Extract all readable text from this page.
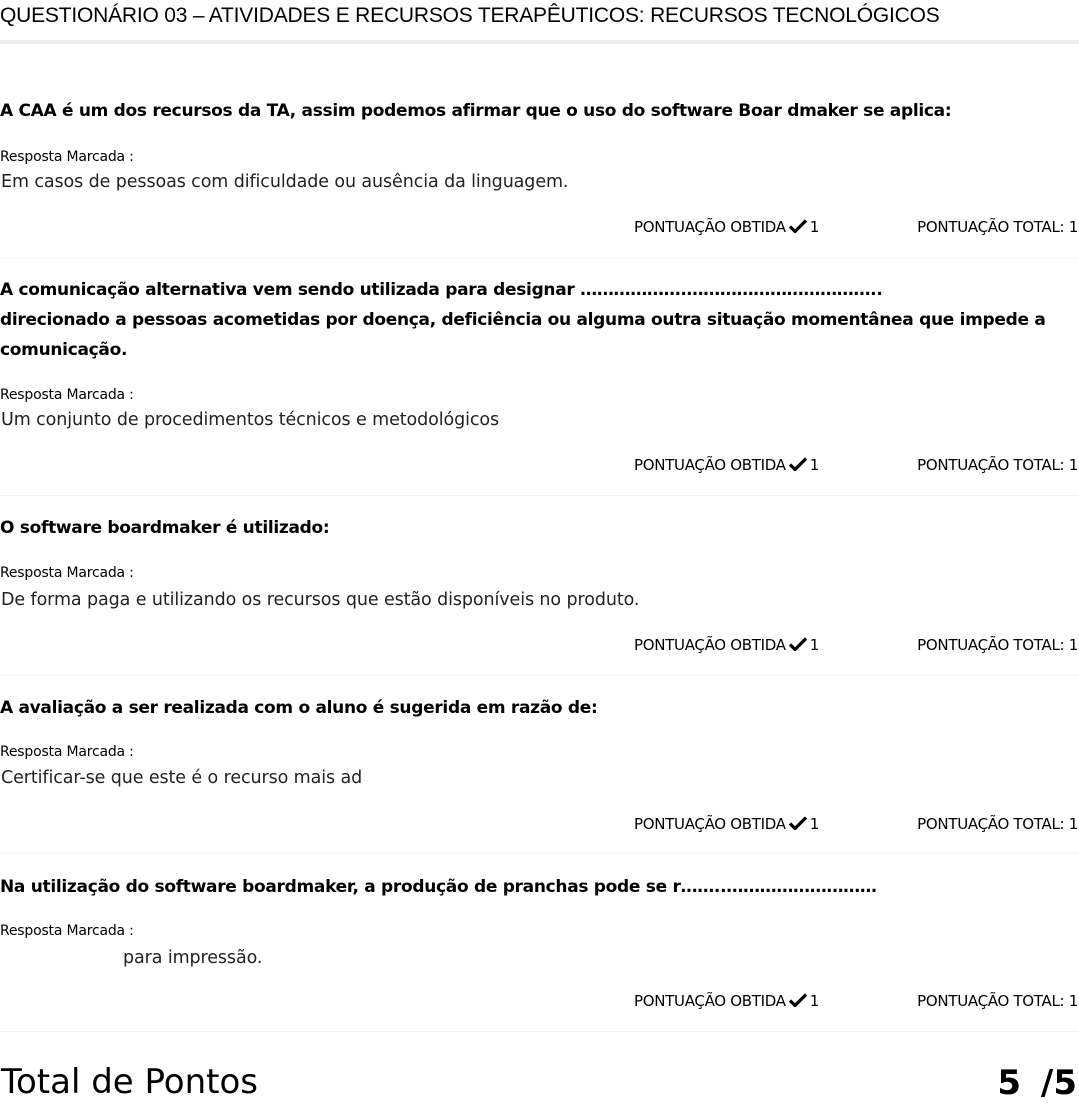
QUESTIONÁRIO 03 – ATIVIDADES E RECURSOS TERAPÊUTICOS: RECURSOS TECNOLÓGICOS
A CAA é um dos recursos da TA, assim podemos afirmar que o uso do software Boar dmaker se aplica:
Resposta Marcada :
Em casos de pessoas com dificuldade ou ausência da linguagem.
PONTUAÇÃO OBTIDA 1	PONTUAÇÃO TOTAL: 1
A comunicação alternativa vem sendo utilizada para designar ……………….……………………………..
direcionado a pessoas acometidas por doença, deficiência ou alguma outra situação momentânea que impede a
comunicação.
Resposta Marcada :
Um conjunto de procedimentos técnicos e metodológicos
PONTUAÇÃO OBTIDA 1	PONTUAÇÃO TOTAL: 1
O software boardmaker é utilizado:
Resposta Marcada :
De forma paga e utilizando os recursos que estão disponíveis no produto.
PONTUAÇÃO OBTIDA 1	PONTUAÇÃO TOTAL: 1
A avaliação a ser realizada com o aluno é sugerida em razão de:
Resposta Marcada :
Certificar-se que este é o recurso mais ad
PONTUAÇÃO OBTIDA 1	PONTUAÇÃO TOTAL: 1
Na utilização do software boardmaker, a produção de pranchas pode se r……..………………………
Resposta Marcada :
para impressão.
PONTUAÇÃO OBTIDA 1	PONTUAÇÃO TOTAL: 1
Total de Pontos	5 /5
